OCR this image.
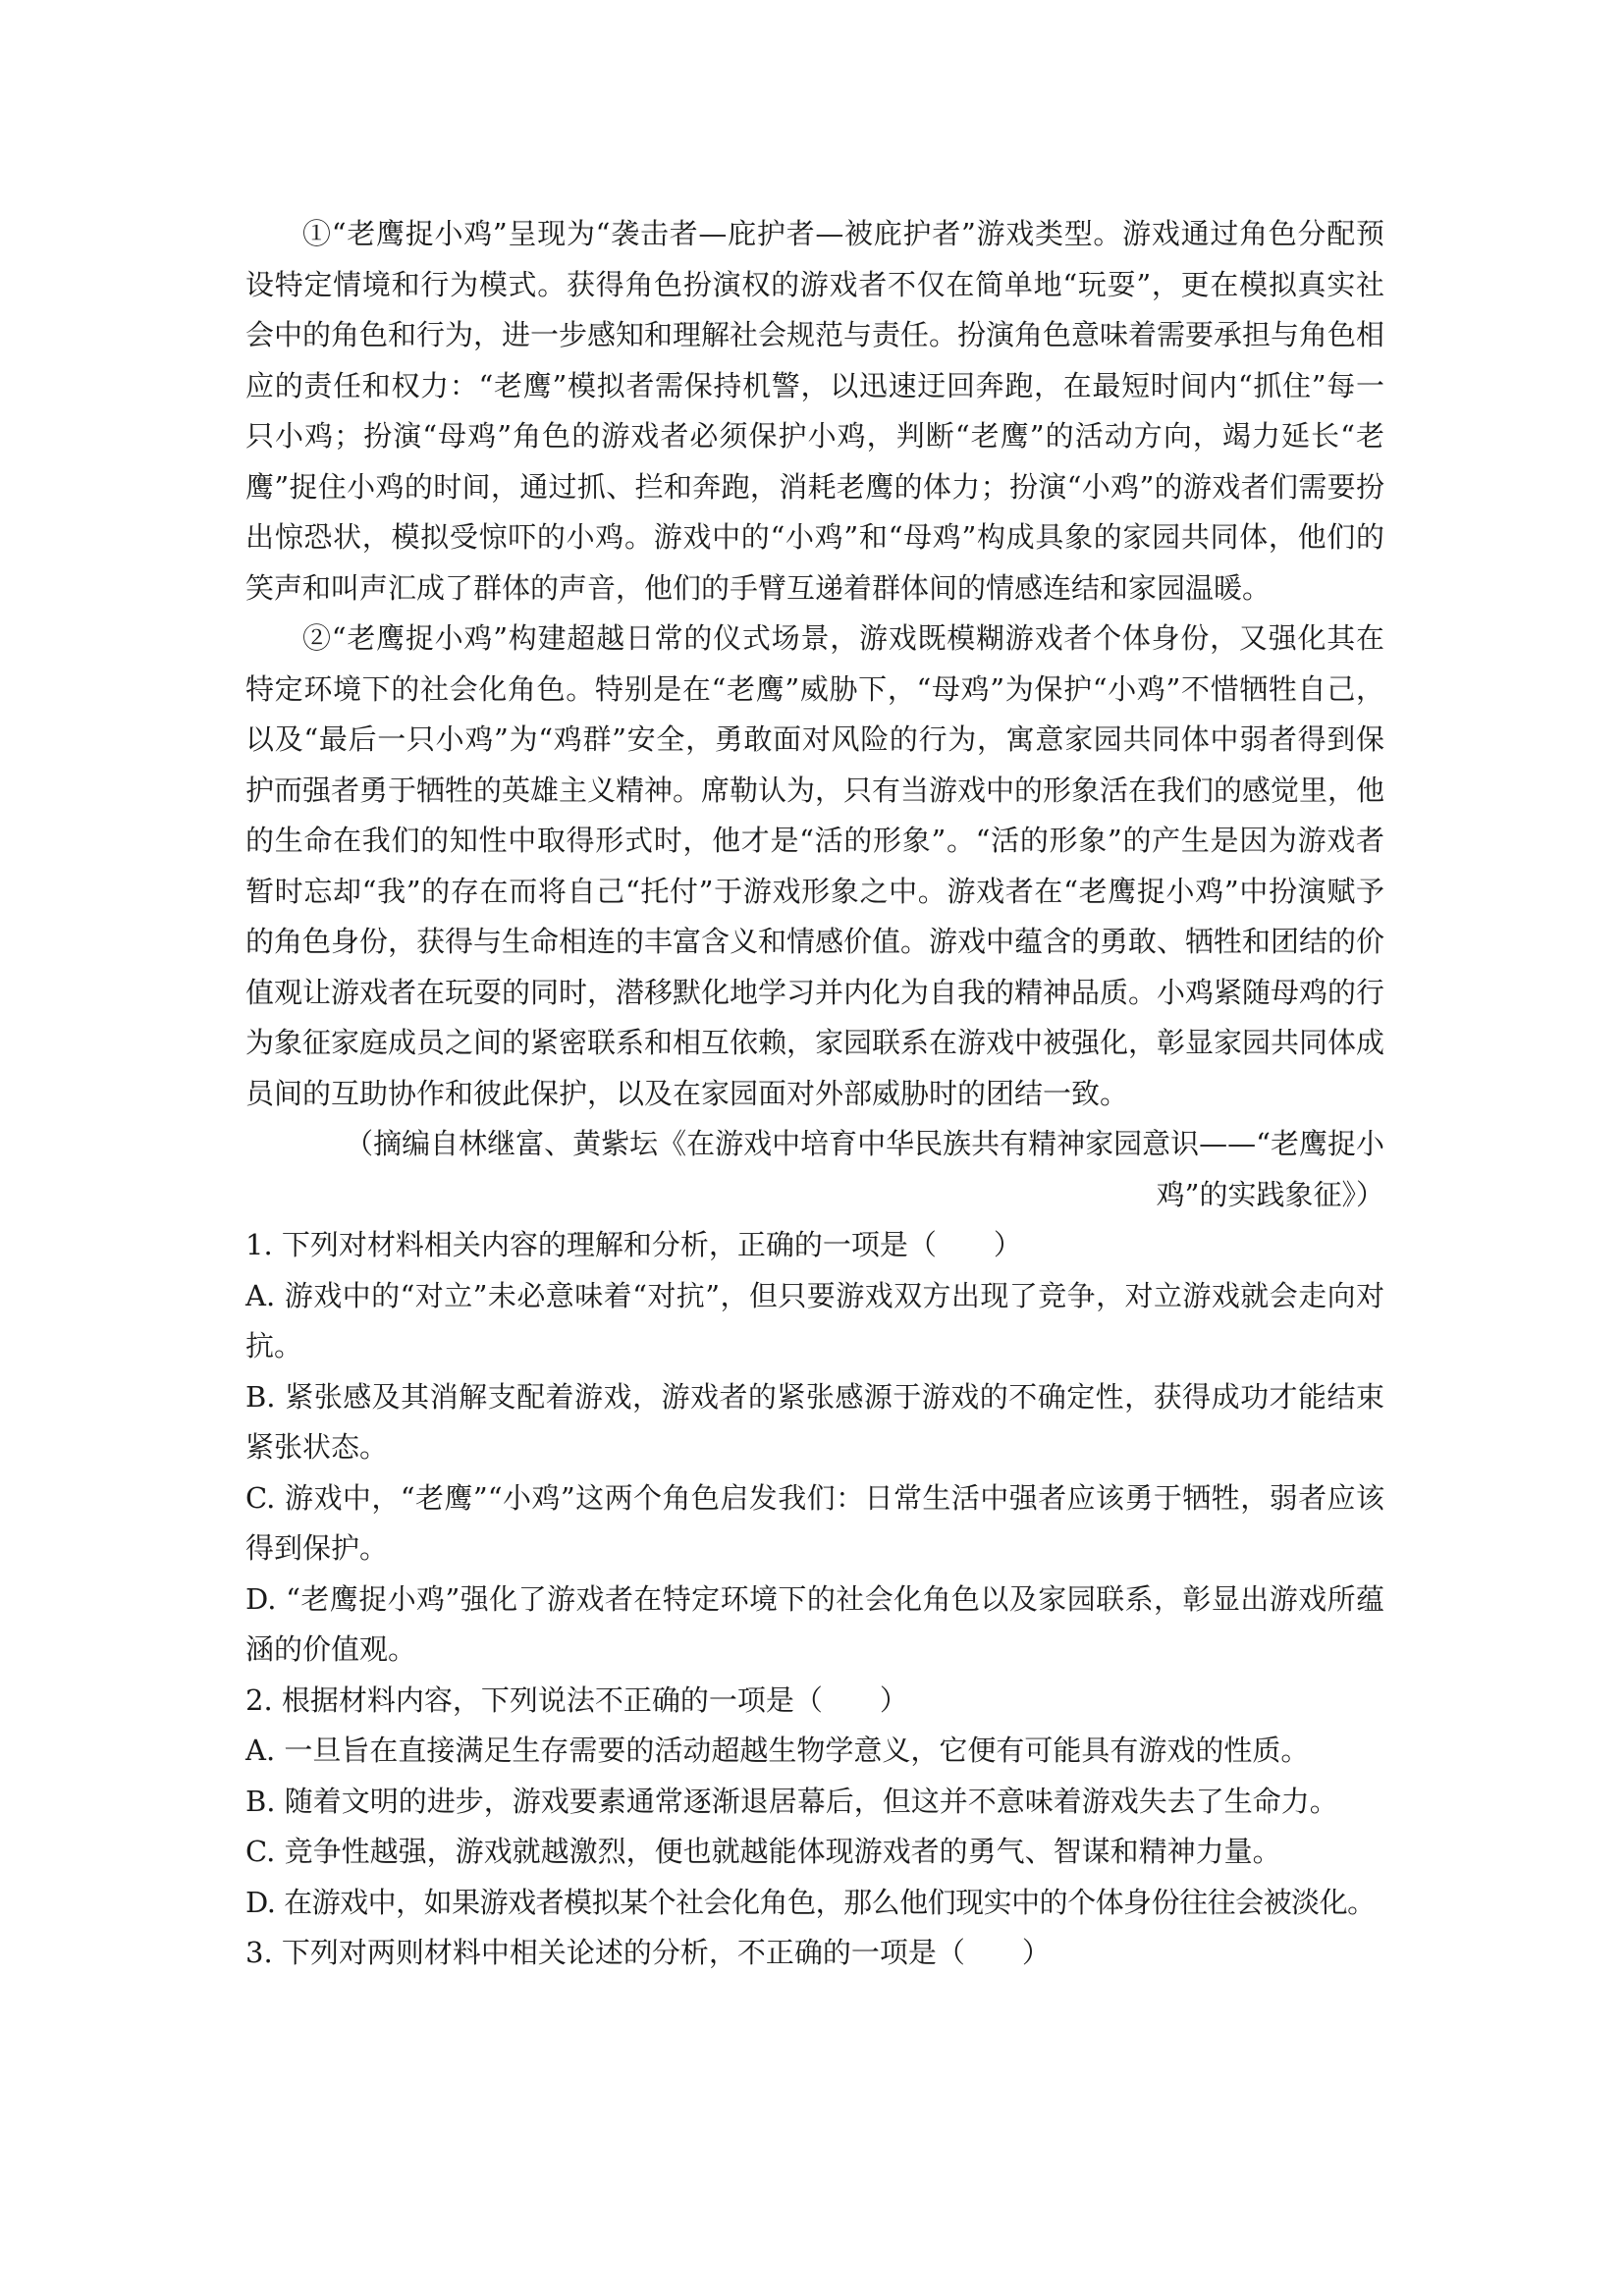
①“老鹰捉小鸡”呈现为“袭击者—庇护者—被庇护者”游戏类型。游戏通过角色分配预设特定情境和行为模式。获得角色扮演权的游戏者不仅在简单地“玩耍”，更在模拟真实社会中的角色和行为，进一步感知和理解社会规范与责任。扮演角色意味着需要承担与角色相应的责任和权力：“老鹰”模拟者需保持机警，以迅速迂回奔跑，在最短时间内“抓住”每一只小鸡；扮演“母鸡”角色的游戏者必须保护小鸡，判断“老鹰”的活动方向，竭力延长“老鹰”捉住小鸡的时间，通过抓、拦和奔跑，消耗老鹰的体力；扮演“小鸡”的游戏者们需要扮出惊恐状，模拟受惊吓的小鸡。游戏中的“小鸡”和“母鸡”构成具象的家园共同体，他们的笑声和叫声汇成了群体的声音，他们的手臂互递着群体间的情感连结和家园温暖。

②“老鹰捉小鸡”构建超越日常的仪式场景，游戏既模糊游戏者个体身份，又强化其在特定环境下的社会化角色。特别是在“老鹰”威胁下，“母鸡”为保护“小鸡”不惜牺牲自己，以及“最后一只小鸡”为“鸡群”安全，勇敢面对风险的行为，寓意家园共同体中弱者得到保护而强者勇于牺牲的英雄主义精神。席勒认为，只有当游戏中的形象活在我们的感觉里，他的生命在我们的知性中取得形式时，他才是“活的形象”。“活的形象”的产生是因为游戏者暂时忘却“我”的存在而将自己“托付”于游戏形象之中。游戏者在“老鹰捉小鸡”中扮演赋予的角色身份，获得与生命相连的丰富含义和情感价值。游戏中蕴含的勇敢、牺牲和团结的价值观让游戏者在玩耍的同时，潜移默化地学习并内化为自我的精神品质。小鸡紧随母鸡的行为象征家庭成员之间的紧密联系和相互依赖，家园联系在游戏中被强化，彰显家园共同体成员间的互助协作和彼此保护，以及在家园面对外部威胁时的团结一致。

（摘编自林继富、黄紫坛《在游戏中培育中华民族共有精神家园意识——“老鹰捉小鸡”的实践象征》）

1. 下列对材料相关内容的理解和分析，正确的一项是（　　）

A. 游戏中的“对立”未必意味着“对抗”，但只要游戏双方出现了竞争，对立游戏就会走向对抗。

B. 紧张感及其消解支配着游戏，游戏者的紧张感源于游戏的不确定性，获得成功才能结束紧张状态。

C. 游戏中，“老鹰”“小鸡”这两个角色启发我们：日常生活中强者应该勇于牺牲，弱者应该得到保护。

D. “老鹰捉小鸡”强化了游戏者在特定环境下的社会化角色以及家园联系，彰显出游戏所蕴涵的价值观。

2. 根据材料内容，下列说法不正确的一项是（　　）

A. 一旦旨在直接满足生存需要的活动超越生物学意义，它便有可能具有游戏的性质。

B. 随着文明的进步，游戏要素通常逐渐退居幕后，但这并不意味着游戏失去了生命力。

C. 竞争性越强，游戏就越激烈，便也就越能体现游戏者的勇气、智谋和精神力量。

D. 在游戏中，如果游戏者模拟某个社会化角色，那么他们现实中的个体身份往往会被淡化。

3. 下列对两则材料中相关论述的分析，不正确的一项是（　　）
